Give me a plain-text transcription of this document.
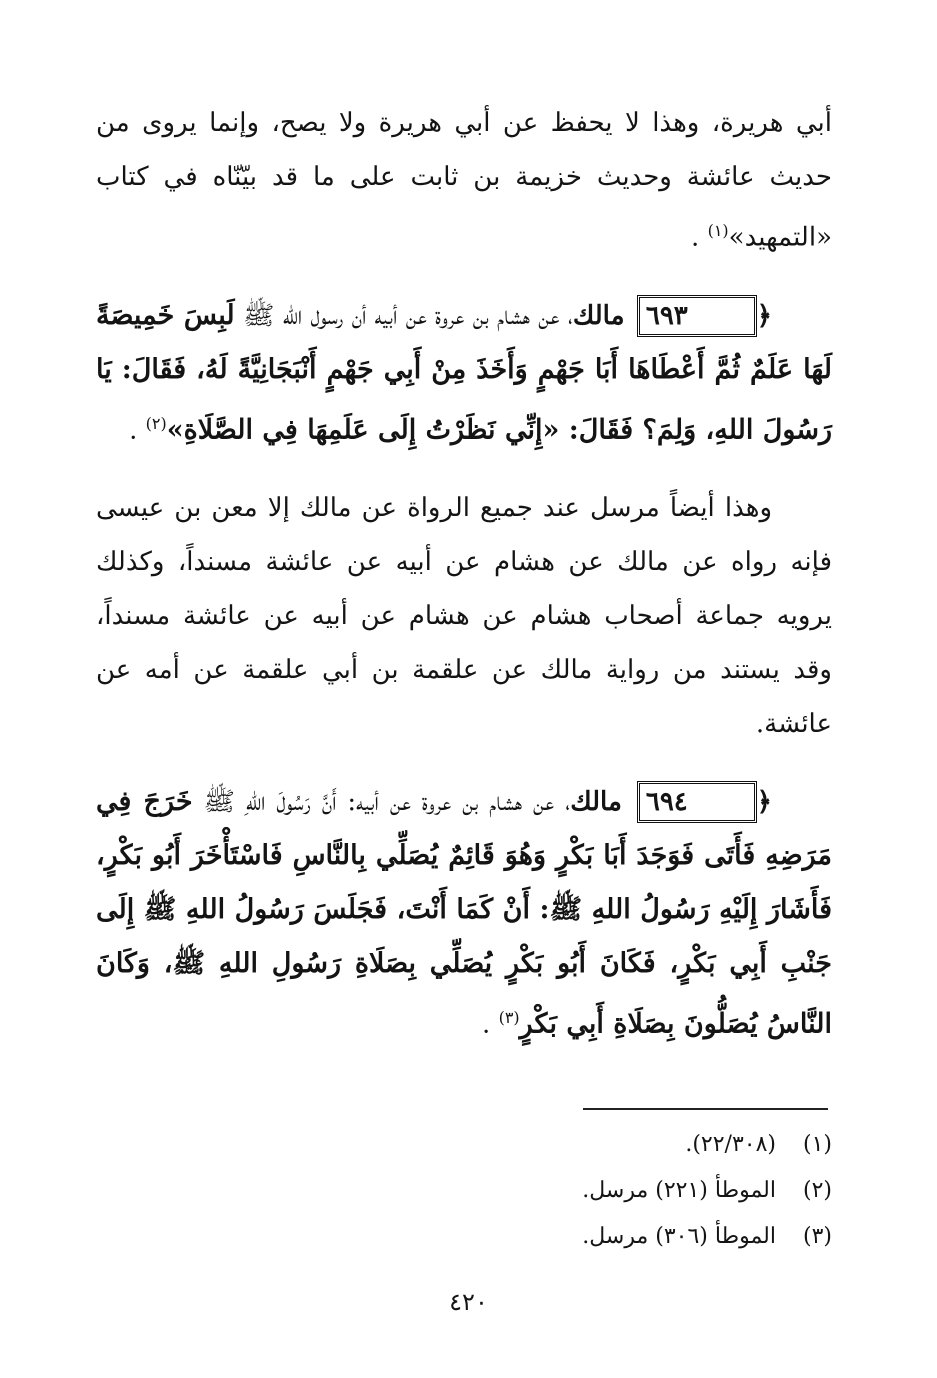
أبي هريرة، وهذا لا يحفظ عن أبي هريرة ولا يصح، وإنما يروى من حديث عائشة وحديث خزيمة بن ثابت على ما قد بيّنّاه في كتاب «التمهيد»$^{(١)}$ .

﴿٦٩٣ مالك، عن هشام بن عروة عن أبيه أن رسول الله ﷺ لَبِسَ خَمِيصَةً لَهَا عَلَمٌ ثُمَّ أَعْطَاهَا أَبَا جَهْمٍ وَأَخَذَ مِنْ أَبِي جَهْمٍ أَنْبَجَانِيَّةً لَهُ، فَقَالَ: يَا رَسُولَ اللهِ، وَلِمَ؟ فَقَالَ: «إِنِّي نَظَرْتُ إِلَى عَلَمِهَا فِي الصَّلَاةِ»$^{(٢)}$ .

وهذا أيضاً مرسل عند جميع الرواة عن مالك إلا معن بن عيسى فإنه رواه عن مالك عن هشام عن أبيه عن عائشة مسنداً، وكذلك يرويه جماعة أصحاب هشام عن هشام عن أبيه عن عائشة مسنداً، وقد يستند من رواية مالك عن علقمة بن أبي علقمة عن أمه عن عائشة.

﴿٦٩٤ مالك، عن هشام بن عروة عن أبيه: أَنَّ رَسُولَ اللهِ ﷺ خَرَجَ فِي مَرَضِهِ فَأَتَى فَوَجَدَ أَبَا بَكْرٍ وَهُوَ قَائِمٌ يُصَلِّي بِالنَّاسِ فَاسْتَأْخَرَ أَبُو بَكْرٍ، فَأَشَارَ إِلَيْهِ رَسُولُ اللهِ ﷺ: أَنْ كَمَا أَنْتَ، فَجَلَسَ رَسُولُ اللهِ ﷺ إِلَى جَنْبِ أَبِي بَكْرٍ، فَكَانَ أَبُو بَكْرٍ يُصَلِّي بِصَلَاةِ رَسُولِ اللهِ ﷺ، وَكَانَ النَّاسُ يُصَلُّونَ بِصَلَاةِ أَبِي بَكْرٍ$^{(٣)}$ .

(١)(٢٢/٣٠٨).
(٢)الموطأ (٢٢١) مرسل.
(٣)الموطأ (٣٠٦) مرسل.
٤٢٠
